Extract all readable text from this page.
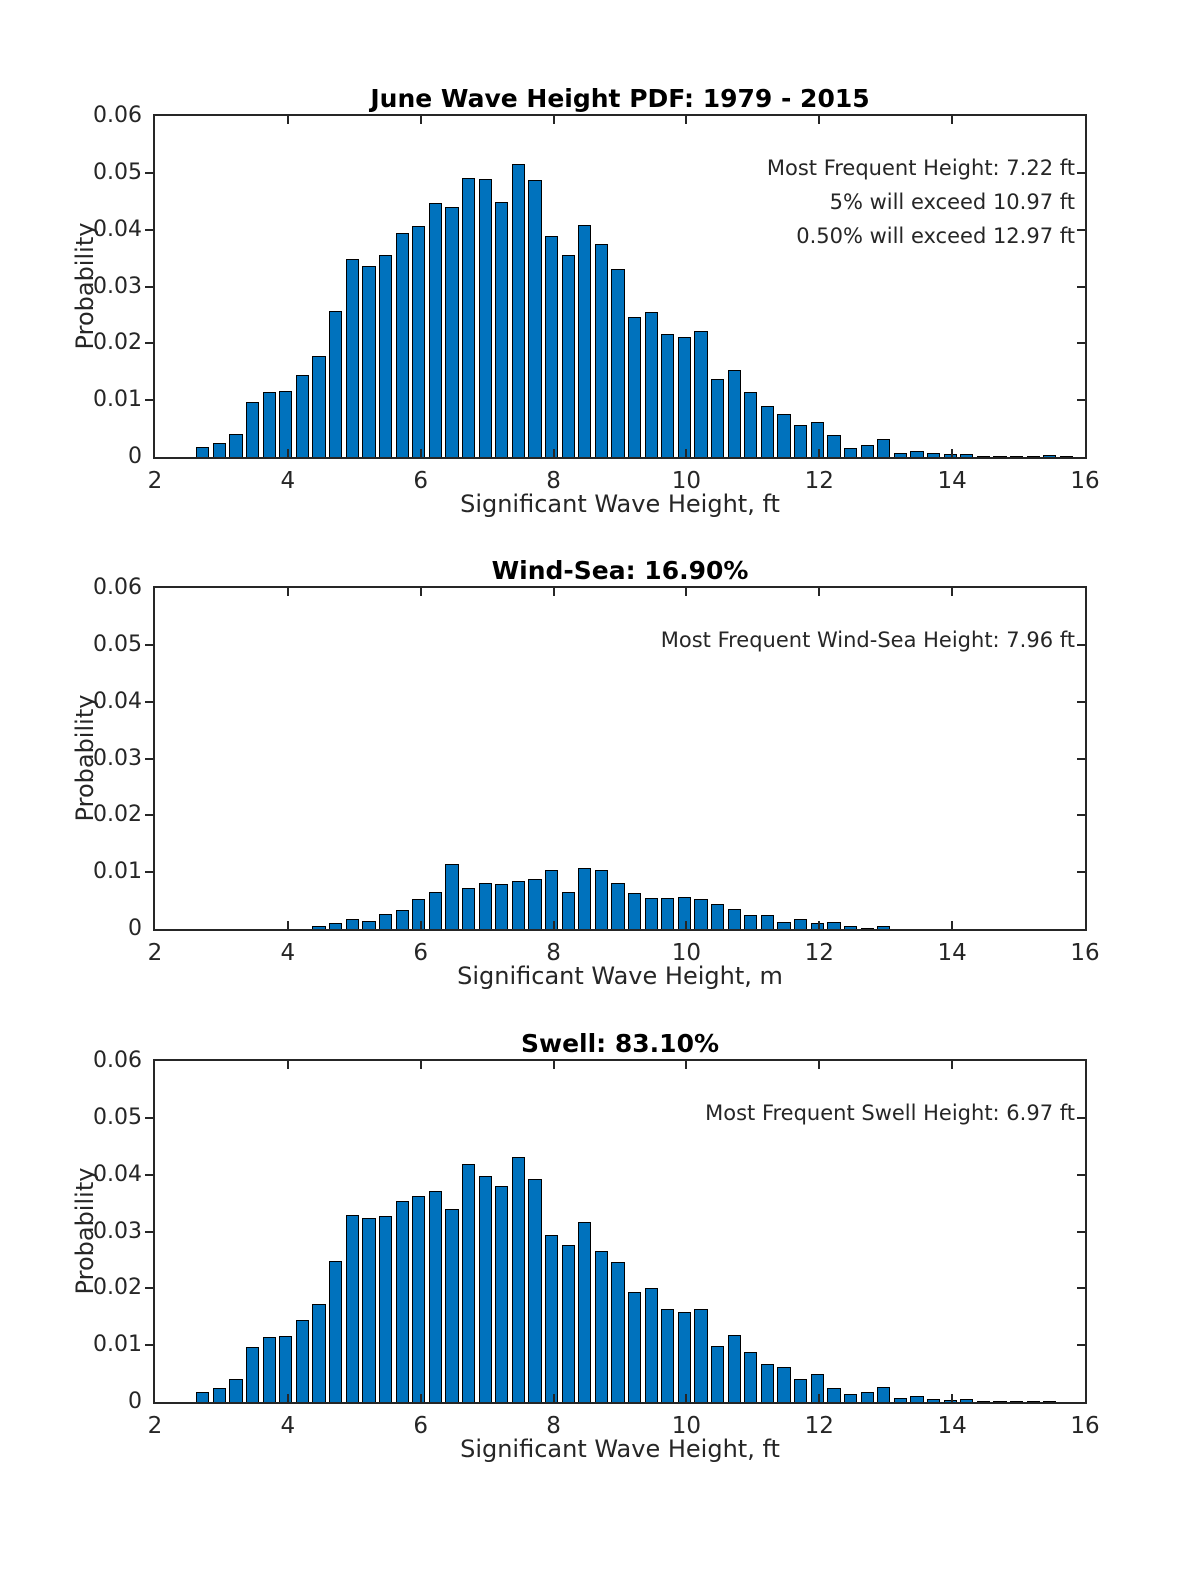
June Wave Height PDF: 1979 - 2015
Probability
Significant Wave Height, ft
2	4	6	8	10	12	14	16
0
0.01
0.02
0.03
0.04
0.05
0.06
Most Frequent Height: 7.22 ft
5% will exceed 10.97 ft
0.50% will exceed 12.97 ft
Wind-Sea: 16.90%
Probability
Significant Wave Height, m
2	4	6	8	10	12	14	16
0
0.01
0.02
0.03
0.04
0.05
0.06
Most Frequent Wind-Sea Height: 7.96 ft
Swell: 83.10%
Probability
Significant Wave Height, ft
2	4	6	8	10	12	14	16
0
0.01
0.02
0.03
0.04
0.05
0.06
Most Frequent Swell Height: 6.97 ft
